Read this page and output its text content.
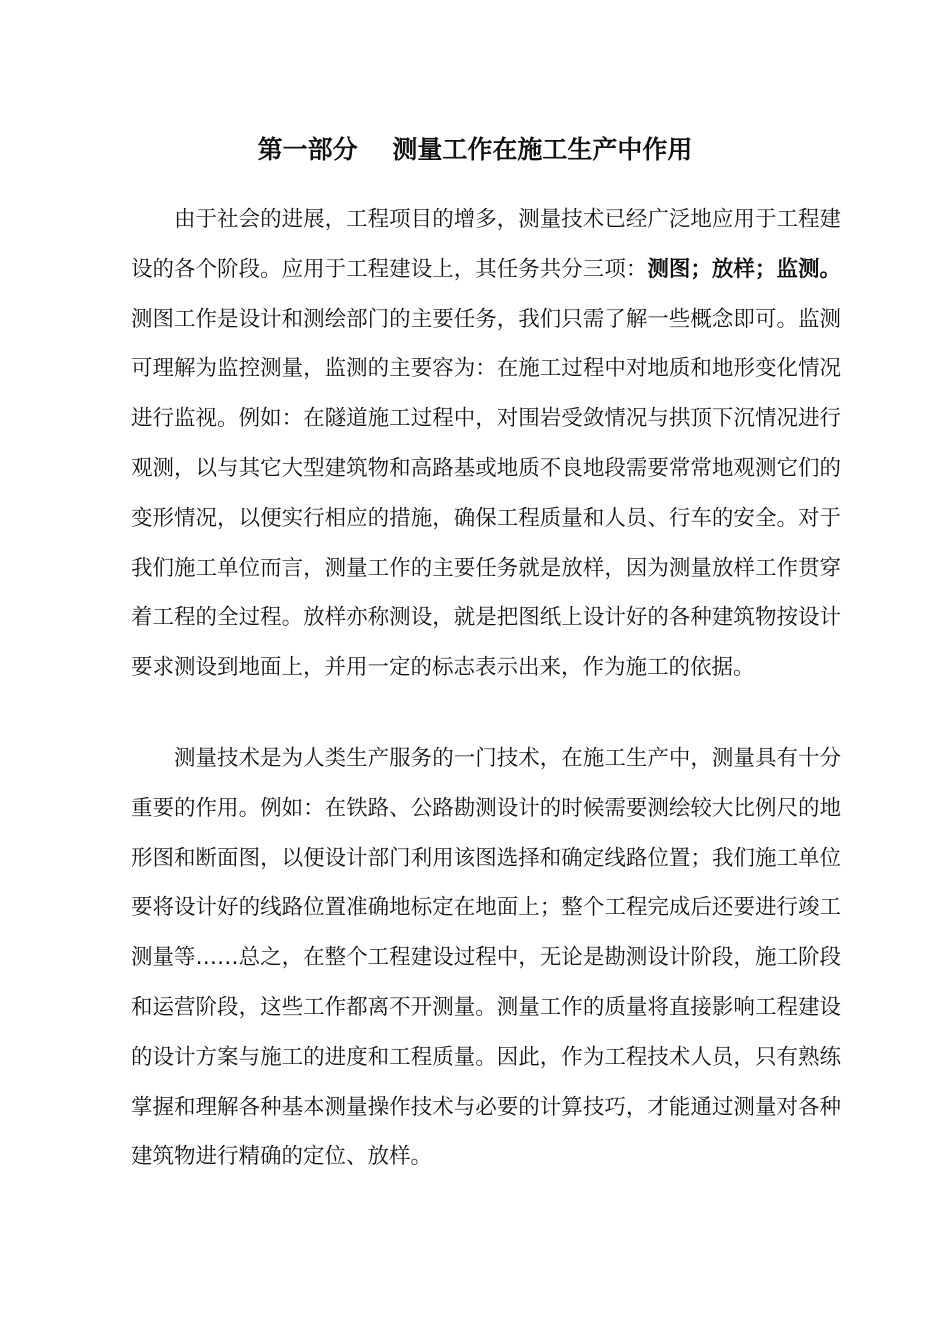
第一部分    测量工作在施工生产中作用

由于社会的进展，工程项目的增多，测量技术已经广泛地应用于工程建设的各个阶段。应用于工程建设上，其任务共分三项：测图；放样；监测。测图工作是设计和测绘部门的主要任务，我们只需了解一些概念即可。监测可理解为监控测量，监测的主要容为：在施工过程中对地质和地形变化情况进行监视。例如：在隧道施工过程中，对围岩受敛情况与拱顶下沉情况进行观测，以与其它大型建筑物和高路基或地质不良地段需要常常地观测它们的变形情况，以便实行相应的措施，确保工程质量和人员、行车的安全。对于我们施工单位而言，测量工作的主要任务就是放样，因为测量放样工作贯穿着工程的全过程。放样亦称测设，就是把图纸上设计好的各种建筑物按设计要求测设到地面上，并用一定的标志表示出来，作为施工的依据。

测量技术是为人类生产服务的一门技术，在施工生产中，测量具有十分重要的作用。例如：在铁路、公路勘测设计的时候需要测绘较大比例尺的地形图和断面图，以便设计部门利用该图选择和确定线路位置；我们施工单位要将设计好的线路位置准确地标定在地面上；整个工程完成后还要进行竣工测量等……总之，在整个工程建设过程中，无论是勘测设计阶段，施工阶段和运营阶段，这些工作都离不开测量。测量工作的质量将直接影响工程建设的设计方案与施工的进度和工程质量。因此，作为工程技术人员，只有熟练掌握和理解各种基本测量操作技术与必要的计算技巧，才能通过测量对各种建筑物进行精确的定位、放样。
